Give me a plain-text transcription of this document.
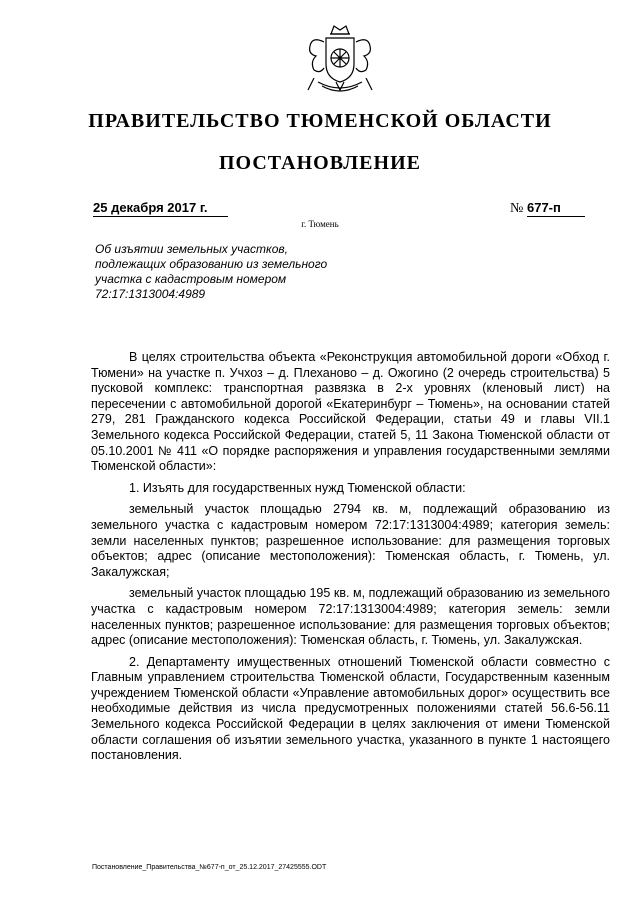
ПРАВИТЕЛЬСТВО ТЮМЕНСКОЙ ОБЛАСТИ
ПОСТАНОВЛЕНИЕ
25 декабря 2017 г.	№ 677-п
г. Тюмень
Об изъятии земельных участков, подлежащих образованию из земельного участка с кадастровым номером 72:17:1313004:4989

В целях строительства объекта «Реконструкция автомобильной дороги «Обход г. Тюмени» на участке п. Учхоз – д. Плеханово – д. Ожогино (2 очередь строительства) 5 пусковой комплекс: транспортная развязка в 2-х уровнях (кленовый лист) на пересечении с автомобильной дорогой «Екатеринбург – Тюмень», на основании статей 279, 281 Гражданского кодекса Российской Федерации, статьи 49 и главы VII.1 Земельного кодекса Российской Федерации, статей 5, 11 Закона Тюменской области от 05.10.2001 № 411 «О порядке распоряжения и управления государственными землями Тюменской области»:

1. Изъять для государственных нужд Тюменской области:

земельный участок площадью 2794 кв. м, подлежащий образованию из земельного участка с кадастровым номером 72:17:1313004:4989; категория земель: земли населенных пунктов; разрешенное использование: для размещения торговых объектов; адрес (описание местоположения): Тюменская область, г. Тюмень, ул. Закалужская;

земельный участок площадью 195 кв. м, подлежащий образованию из земельного участка с кадастровым номером 72:17:1313004:4989; категория земель: земли населенных пунктов; разрешенное использование: для размещения торговых объектов; адрес (описание местоположения): Тюменская область, г. Тюмень, ул. Закалужская.

2. Департаменту имущественных отношений Тюменской области совместно с Главным управлением строительства Тюменской области, Государственным казенным учреждением Тюменской области «Управление автомобильных дорог» осуществить все необходимые действия из числа предусмотренных положениями статей 56.6-56.11 Земельного кодекса Российской Федерации в целях заключения от имени Тюменской области соглашения об изъятии земельного участка, указанного в пункте 1 настоящего постановления.

Постановление_Правительства_№677-п_от_25.12.2017_27425555.ODT
